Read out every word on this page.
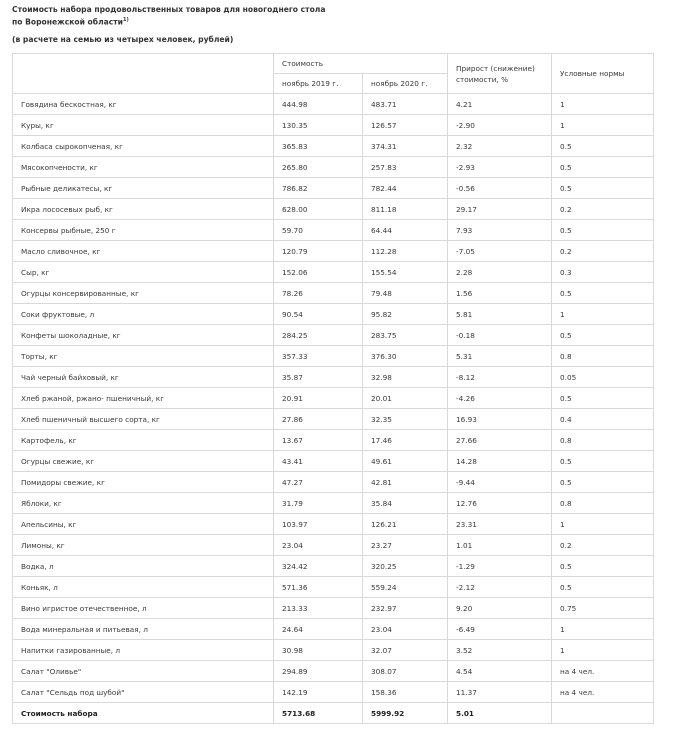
Стоимость набора продовольственных товаров для новогоднего стола по Воронежской области$^{1)}$
(в расчете на семью из четырех человек, рублей)
	Стоимость		Прирост (снижение) стоимости, %	Условные нормы
	ноябрь 2019 г.	ноябрь 2020 г.		
Говядина бескостная, кг	444.98	483.71	4.21	1
Куры, кг	130.35	126.57	-2.90	1
Колбаса сырокопченая, кг	365.83	374.31	2.32	0.5
Мясокопчености, кг	265.80	257.83	-2.93	0.5
Рыбные деликатесы, кг	786.82	782.44	-0.56	0.5
Икра лососевых рыб, кг	628.00	811.18	29.17	0.2
Консервы рыбные, 250 г	59.70	64.44	7.93	0.5
Масло сливочное, кг	120.79	112.28	-7.05	0.2
Сыр, кг	152.06	155.54	2.28	0.3
Огурцы консервированные, кг	78.26	79.48	1.56	0.5
Соки фруктовые, л	90.54	95.82	5.81	1
Конфеты шоколадные, кг	284.25	283.75	-0.18	0.5
Торты, кг	357.33	376.30	5.31	0.8
Чай черный байховый, кг	35.87	32.98	-8.12	0.05
Хлеб ржаной, ржано- пшеничный, кг	20.91	20.01	-4.26	0.5
Хлеб пшеничный высшего сорта, кг	27.86	32.35	16.93	0.4
Картофель, кг	13.67	17.46	27.66	0.8
Огурцы свежие, кг	43.41	49.61	14.28	0.5
Помидоры свежие, кг	47.27	42.81	-9.44	0.5
Яблоки, кг	31.79	35.84	12.76	0.8
Апельсины, кг	103.97	126.21	23.31	1
Лимоны, кг	23.04	23.27	1.01	0.2
Водка, л	324.42	320.25	-1.29	0.5
Коньяк, л	571.36	559.24	-2.12	0.5
Вино игристое отечественное, л	213.33	232.97	9.20	0.75
Вода минеральная и питьевая, л	24.64	23.04	-6.49	1
Напитки газированные, л	30.98	32.07	3.52	1
Салат "Оливье"	294.89	308.07	4.54	на 4 чел.
Салат "Сельдь под шубой"	142.19	158.36	11.37	на 4 чел.
Стоимость набора	5713.68	5999.92	5.01	
